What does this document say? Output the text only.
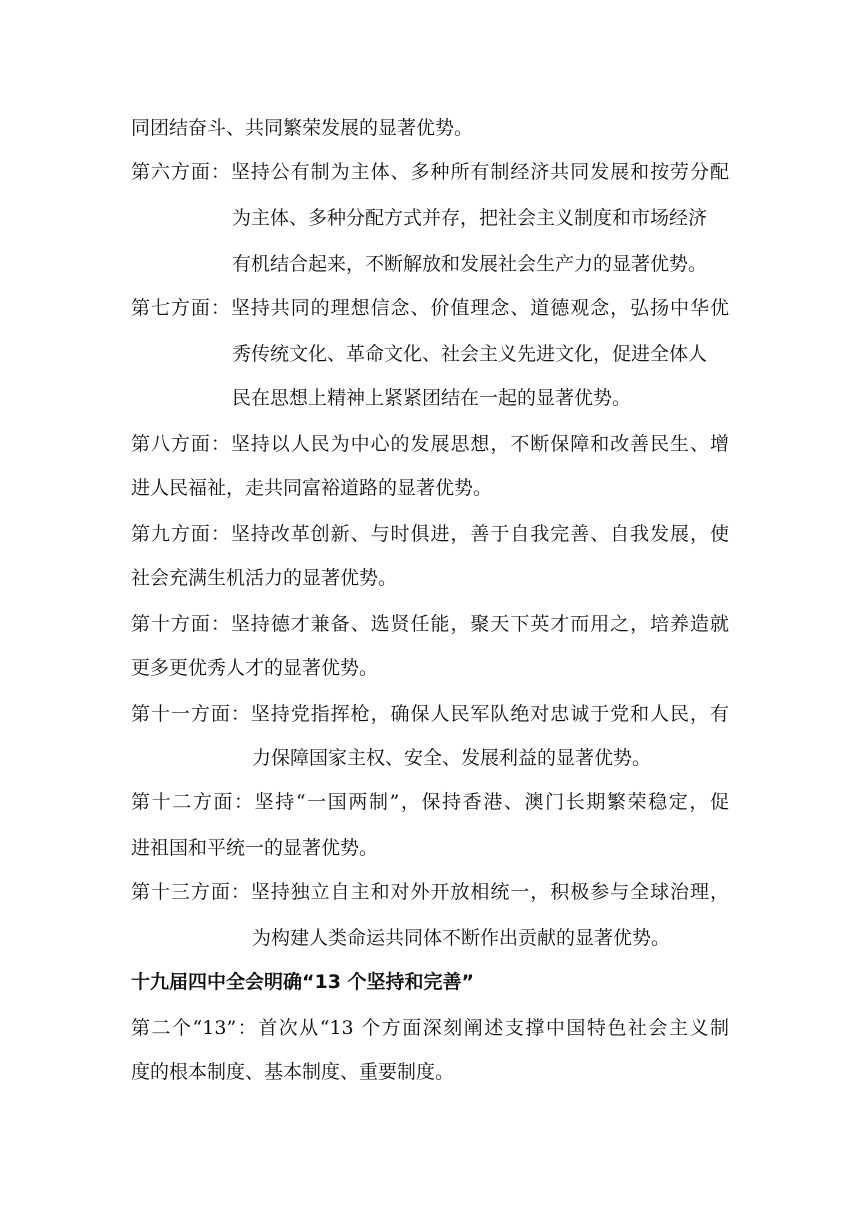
同团结奋斗、共同繁荣发展的显著优势。
第六方面：坚持公有制为主体、多种所有制经济共同发展和按劳分配
为主体、多种分配方式并存，把社会主义制度和市场经济
有机结合起来，不断解放和发展社会生产力的显著优势。
第七方面：坚持共同的理想信念、价值理念、道德观念，弘扬中华优
秀传统文化、革命文化、社会主义先进文化，促进全体人
民在思想上精神上紧紧团结在一起的显著优势。
第八方面：坚持以人民为中心的发展思想，不断保障和改善民生、增
进人民福祉，走共同富裕道路的显著优势。
第九方面：坚持改革创新、与时俱进，善于自我完善、自我发展，使
社会充满生机活力的显著优势。
第十方面：坚持德才兼备、选贤任能，聚天下英才而用之，培养造就
更多更优秀人才的显著优势。
第十一方面：坚持党指挥枪，确保人民军队绝对忠诚于党和人民，有
力保障国家主权、安全、发展利益的显著优势。
第十二方面：坚持“一国两制”，保持香港、澳门长期繁荣稳定，促
进祖国和平统一的显著优势。
第十三方面：坚持独立自主和对外开放相统一，积极参与全球治理，
为构建人类命运共同体不断作出贡献的显著优势。
十九届四中全会明确“13 个坚持和完善”
第二个“13”：首次从“13 个方面深刻阐述支撑中国特色社会主义制
度的根本制度、基本制度、重要制度。
